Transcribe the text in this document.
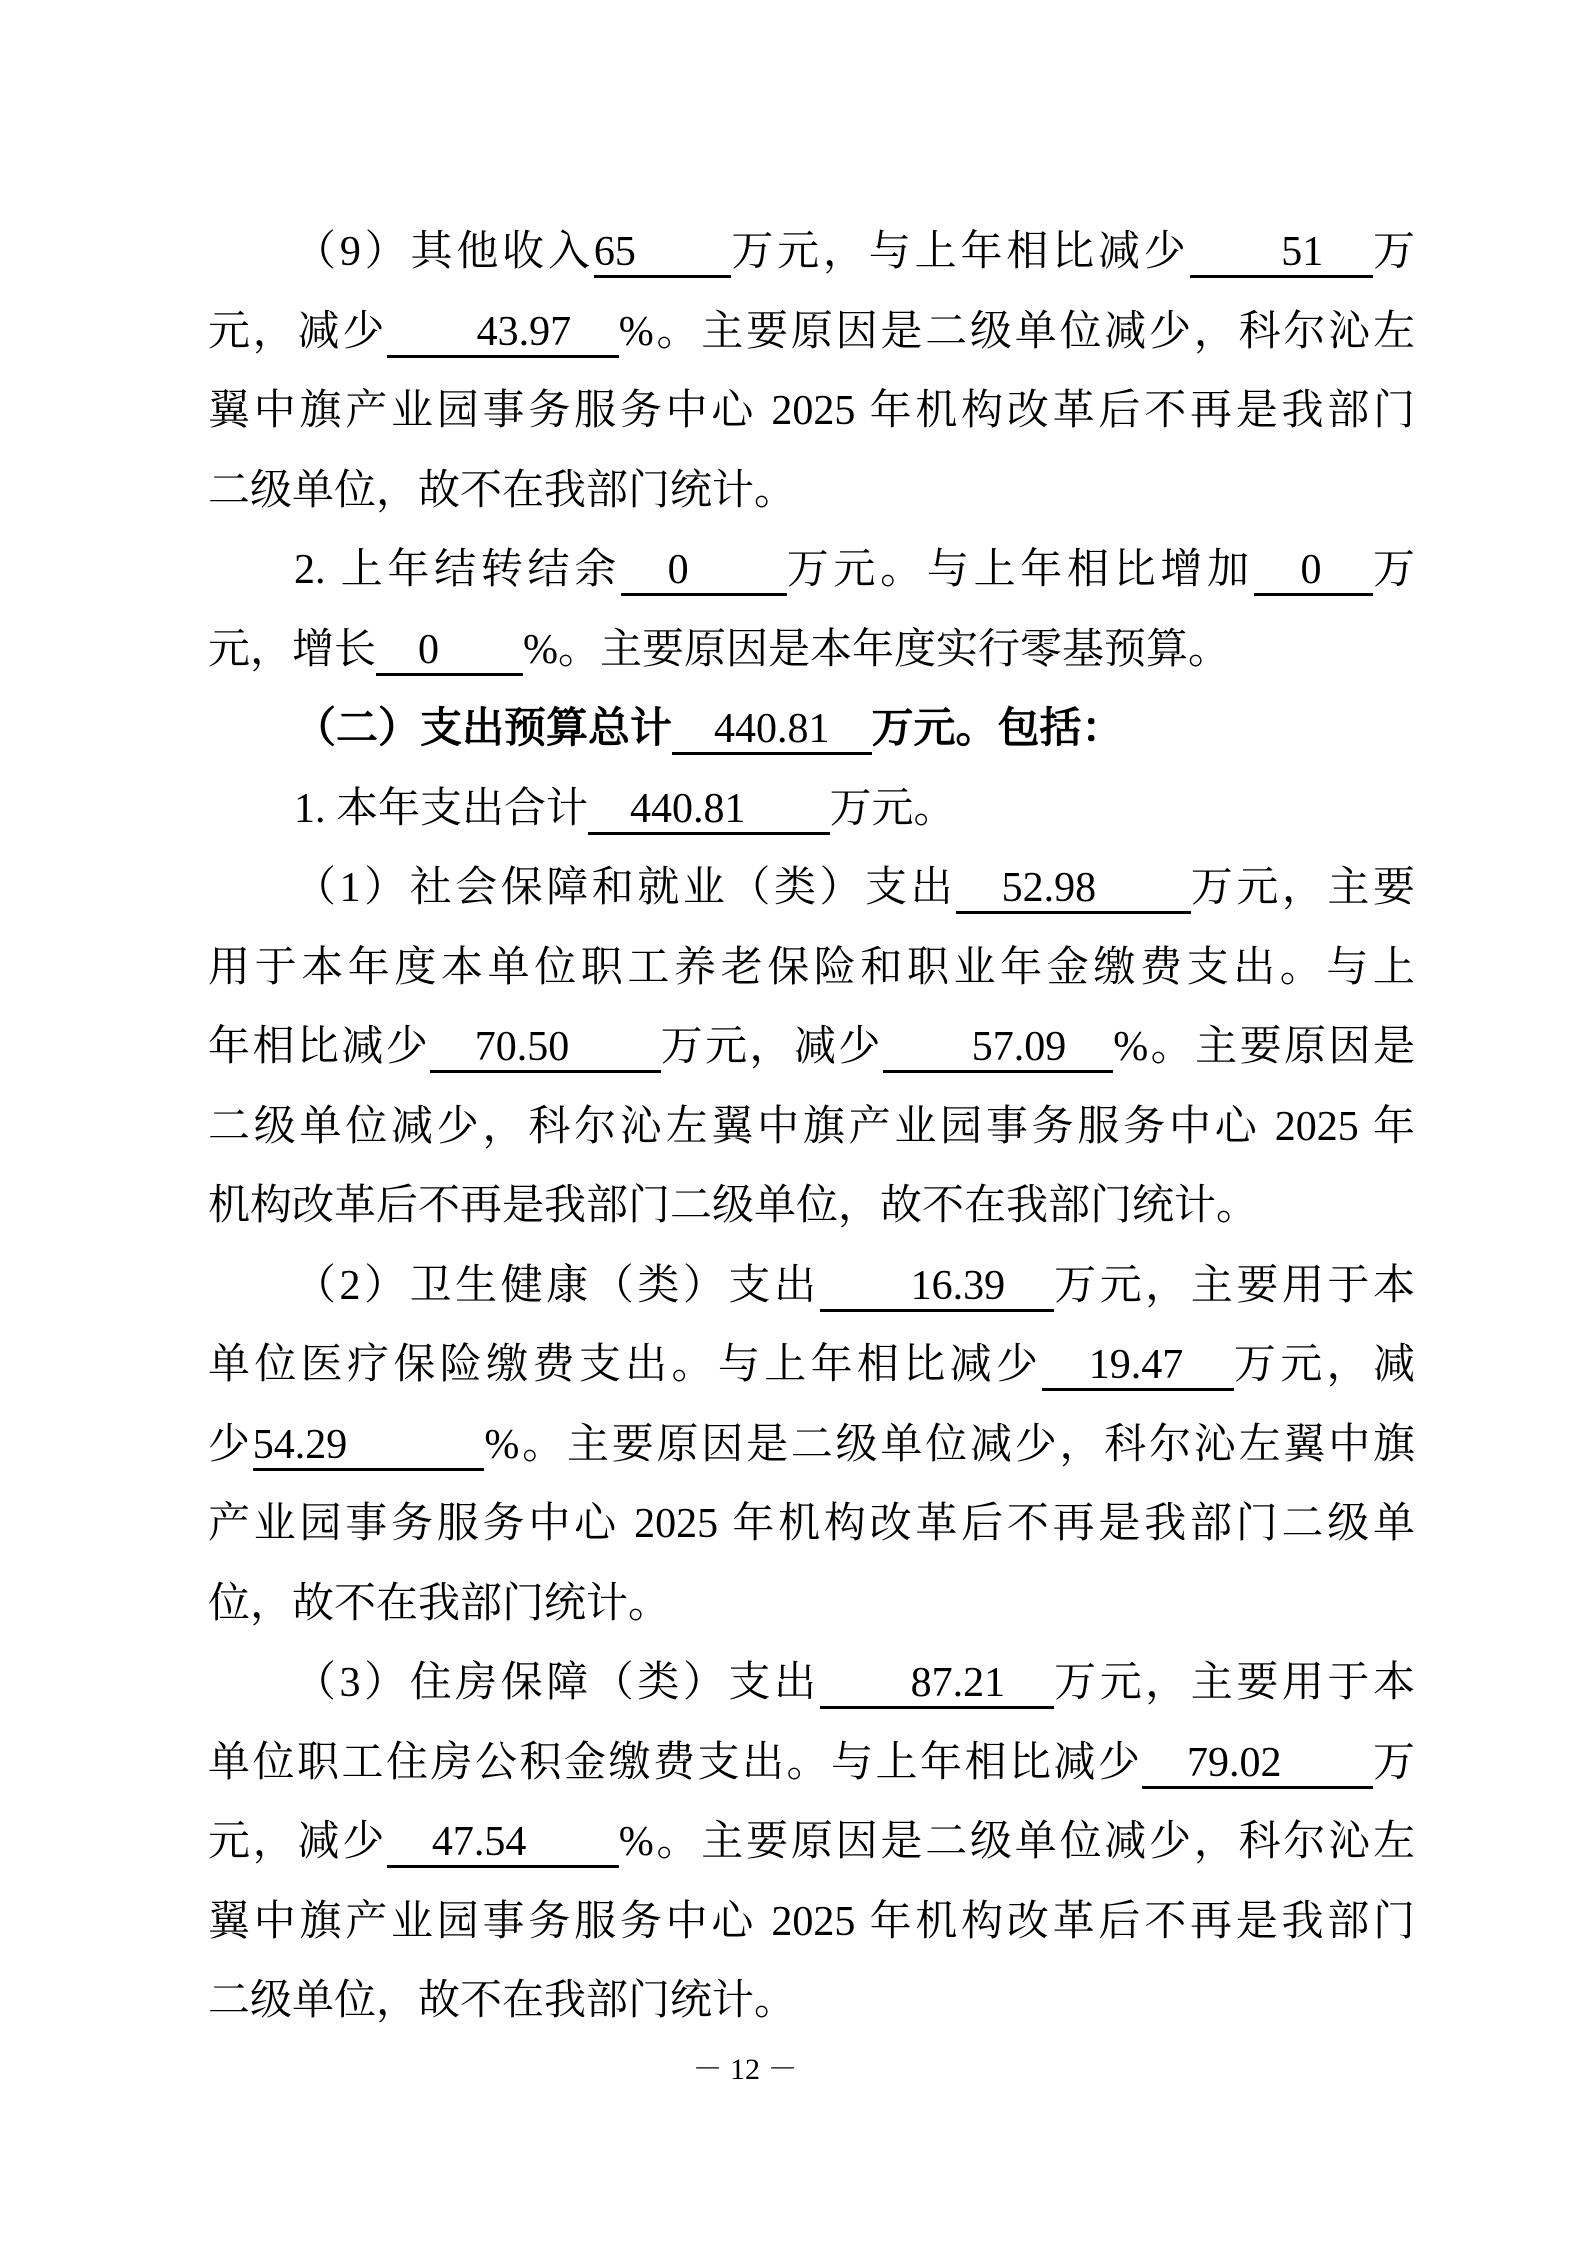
（9）其他收入65　　万元，与上年相比减少　　51　万
元，减少　　43.97　%。主要原因是二级单位减少，科尔沁左
翼中旗产业园事务服务中心 2025 年机构改革后不再是我部门
二级单位，故不在我部门统计。
2. 上年结转结余　0　　万元。与上年相比增加　0　万
元，增长　0　　%。主要原因是本年度实行零基预算。
（二）支出预算总计　440.81　万元。包括：
1. 本年支出合计　440.81　　万元。
（1）社会保障和就业（类）支出　52.98　　万元，主要
用于本年度本单位职工养老保险和职业年金缴费支出。与上
年相比减少　70.50　　万元，减少　　57.09　%。主要原因是
二级单位减少，科尔沁左翼中旗产业园事务服务中心 2025 年
机构改革后不再是我部门二级单位，故不在我部门统计。
（2）卫生健康（类）支出　　16.39　万元，主要用于本
单位医疗保险缴费支出。与上年相比减少　19.47　万元，减
少54.29　　　%。主要原因是二级单位减少，科尔沁左翼中旗
产业园事务服务中心 2025 年机构改革后不再是我部门二级单
位，故不在我部门统计。
（3）住房保障（类）支出　　87.21　万元，主要用于本
单位职工住房公积金缴费支出。与上年相比减少　79.02　　万
元，减少　47.54　　%。主要原因是二级单位减少，科尔沁左
翼中旗产业园事务服务中心 2025 年机构改革后不再是我部门
二级单位，故不在我部门统计。
－ 12 －
